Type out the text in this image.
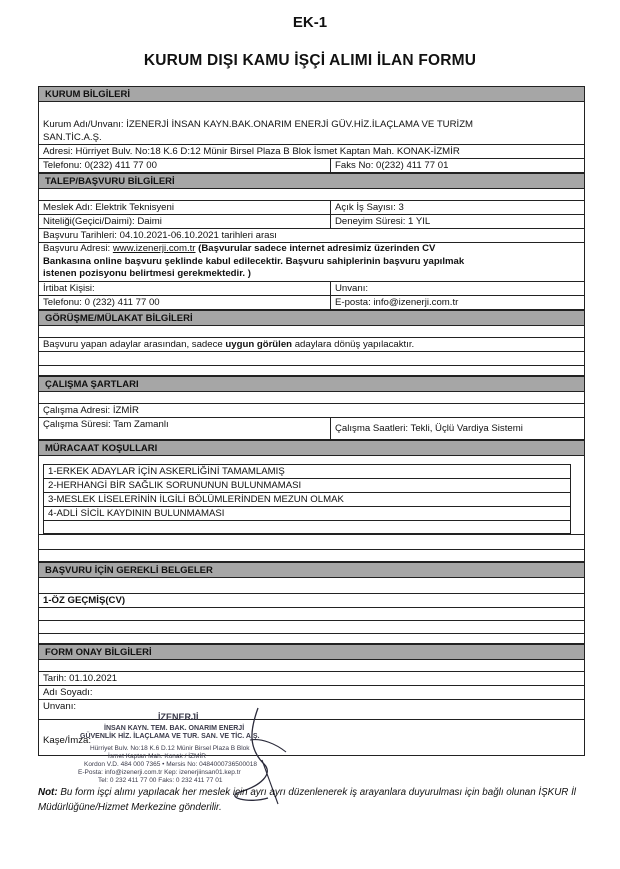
EK-1
KURUM DIŞI KAMU İŞÇİ ALIMI İLAN FORMU
KURUM BİLGİLERİ
Kurum Adı/Unvanı: İZENERJİ İNSAN KAYN.BAK.ONARIM ENERJİ GÜV.HİZ.İLAÇLAMA VE TURİZM
SAN.TİC.A.Ş.
Adresi: Hürriyet Bulv. No:18 K.6 D:12 Münir Birsel Plaza B Blok İsmet Kaptan Mah. KONAK-İZMİR
Telefonu: 0(232) 411 77 00	Faks No: 0(232) 411 77 01
TALEP/BAŞVURU BİLGİLERİ
Meslek Adı: Elektrik Teknisyeni	Açık İş Sayısı: 3
Niteliği(Geçici/Daimi): Daimi	Deneyim Süresi: 1 YIL
Başvuru Tarihleri: 04.10.2021-06.10.2021 tarihleri arası
Başvuru Adresi: www.izenerji.com.tr (Başvurular sadece internet adresimiz üzerinden CV
Bankasına online başvuru şeklinde kabul edilecektir. Başvuru sahiplerinin başvuru yapılmak
istenen pozisyonu belirtmesi gerekmektedir. )
İrtibat Kişisi:	Unvanı:
Telefonu: 0 (232) 411 77 00	E-posta: info@izenerji.com.tr
GÖRÜŞME/MÜLAKAT BİLGİLERİ
Başvuru yapan adaylar arasından, sadece uygun görülen adaylara dönüş yapılacaktır.
ÇALIŞMA ŞARTLARI
Çalışma Adresi: İZMİR
Çalışma Süresi: Tam Zamanlı	Çalışma Saatleri: Tekli, Üçlü Vardiya Sistemi
MÜRACAAT KOŞULLARI
1-ERKEK ADAYLAR İÇİN ASKERLİĞİNİ TAMAMLAMIŞ
2-HERHANGİ BİR SAĞLIK SORUNUNUN BULUNMAMASI
3-MESLEK LİSELERİNİN İLGİLİ BÖLÜMLERİNDEN MEZUN OLMAK
4-ADLİ SİCİL KAYDININ BULUNMAMASI
BAŞVURU İÇİN GEREKLİ BELGELER
1-ÖZ GEÇMİŞ(CV)
FORM ONAY BİLGİLERİ
Tarih: 01.10.2021
Adı Soyadı:
Unvanı:
Kaşe/İmza:
İZENERJİ
İNSAN KAYN. TEM. BAK. ONARIM ENERJİ
GÜVENLİK HİZ. İLAÇLAMA VE TUR. SAN. VE TİC. A.Ş.
Hürriyet Bulv. No:18 K.6 D.12 Münir Birsel Plaza B Blok
İsmet Kaptan Mah. Konak / İZMİR
Kordon V.D. 484 000 7365 • Mersis No: 0484000736500018
E-Posta: info@izenerji.com.tr Kep: izenerjiinsan01.kep.tr
Tel: 0 232 411 77 00 Faks: 0 232 411 77 01
Not: Bu form işçi alımı yapılacak her meslek için ayrı ayrı düzenlenerek iş arayanlara duyurulması için bağlı olunan İŞKUR İl Müdürlüğüne/Hizmet Merkezine gönderilir.
